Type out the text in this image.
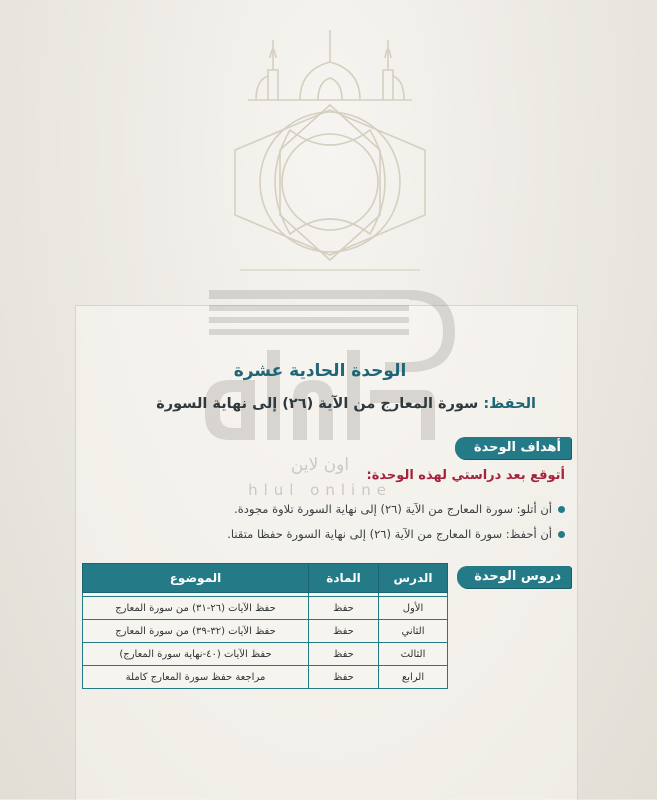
اون لاين
hlul online
الوحدة الحادية عشرة
الحفظ: سورة المعارج من الآية (٢٦) إلى نهاية السورة
أهداف الوحدة
أتوقع بعد دراستي لهذه الوحدة:
أن أتلو: سورة المعارج من الآية (٢٦) إلى نهاية السورة تلاوة مجودة.
أن أحفظ: سورة المعارج من الآية (٢٦) إلى نهاية السورة حفظا متقنا.
دروس الوحدة
الدرس	المادة	الموضوع

الأول	حفظ	حفظ الآيات (٢٦-٣١) من سورة المعارج
الثاني	حفظ	حفظ الآيات (٣٢-٣٩) من سورة المعارج
الثالث	حفظ	حفظ الآيات (٤٠-نهاية سورة المعارج)
الرابع	حفظ	مراجعة حفظ سورة المعارج كاملة
